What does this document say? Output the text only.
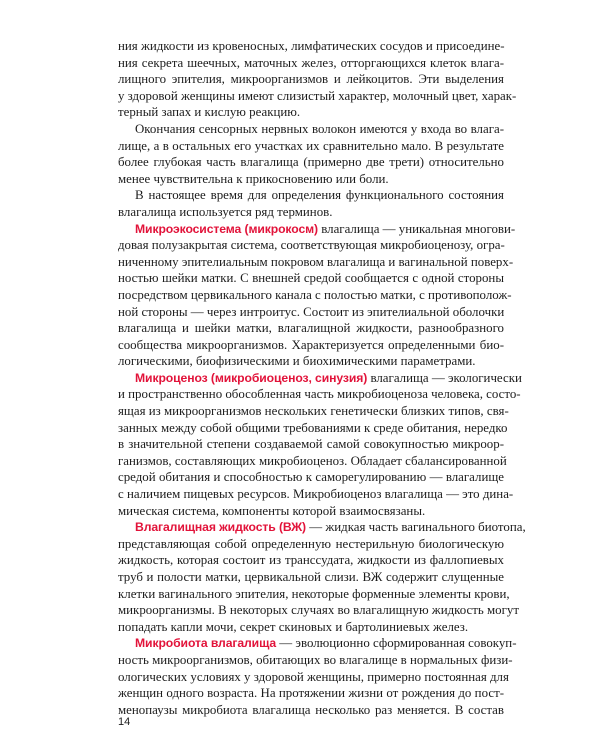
ния жидкости из кровеносных, лимфатических сосудов и присоедине-
ния секрета шеечных, маточных желез, отторгающихся клеток влага-
лищного эпителия, микроорганизмов и лейкоцитов. Эти выделения
у здоровой женщины имеют слизистый характер, молочный цвет, харак-
терный запах и кислую реакцию.
Окончания сенсорных нервных волокон имеются у входа во влага-
лище, а в остальных его участках их сравнительно мало. В результате
более глубокая часть влагалища (примерно две трети) относительно
менее чувствительна к прикосновению или боли.
В настоящее время для определения функционального состояния
влагалища используется ряд терминов.
Микроэкосистема (микрокосм) влагалища — уникальная многови-
довая полузакрытая система, соответствующая микробиоценозу, огра-
ниченному эпителиальным покровом влагалища и вагинальной поверх-
ностью шейки матки. С внешней средой сообщается с одной стороны
посредством цервикального канала с полостью матки, с противополож-
ной стороны — через интроитус. Состоит из эпителиальной оболочки
влагалища и шейки матки, влагалищной жидкости, разнообразного
сообщества микроорганизмов. Характеризуется определенными био-
логическими, биофизическими и биохимическими параметрами.
Микроценоз (микробиоценоз, синузия) влагалища — экологически
и пространственно обособленная часть микробиоценоза человека, состо-
ящая из микроорганизмов нескольких генетически близких типов, свя-
занных между собой общими требованиями к среде обитания, нередко
в значительной степени создаваемой самой совокупностью микроор-
ганизмов, составляющих микробиоценоз. Обладает сбалансированной
средой обитания и способностью к саморегулированию — влагалище
с наличием пищевых ресурсов. Микробиоценоз влагалища — это дина-
мическая система, компоненты которой взаимосвязаны.
Влагалищная жидкость (ВЖ) — жидкая часть вагинального биотопа,
представляющая собой определенную нестерильную биологическую
жидкость, которая состоит из транссудата, жидкости из фаллопиевых
труб и полости матки, цервикальной слизи. ВЖ содержит слущенные
клетки вагинального эпителия, некоторые форменные элементы крови,
микроорганизмы. В некоторых случаях во влагалищную жидкость могут
попадать капли мочи, секрет скиновых и бартолиниевых желез.
Микробиота влагалища — эволюционно сформированная совокуп-
ность микроорганизмов, обитающих во влагалище в нормальных физи-
ологических условиях у здоровой женщины, примерно постоянная для
женщин одного возраста. На протяжении жизни от рождения до пост-
менопаузы микробиота влагалища несколько раз меняется. В состав
14
